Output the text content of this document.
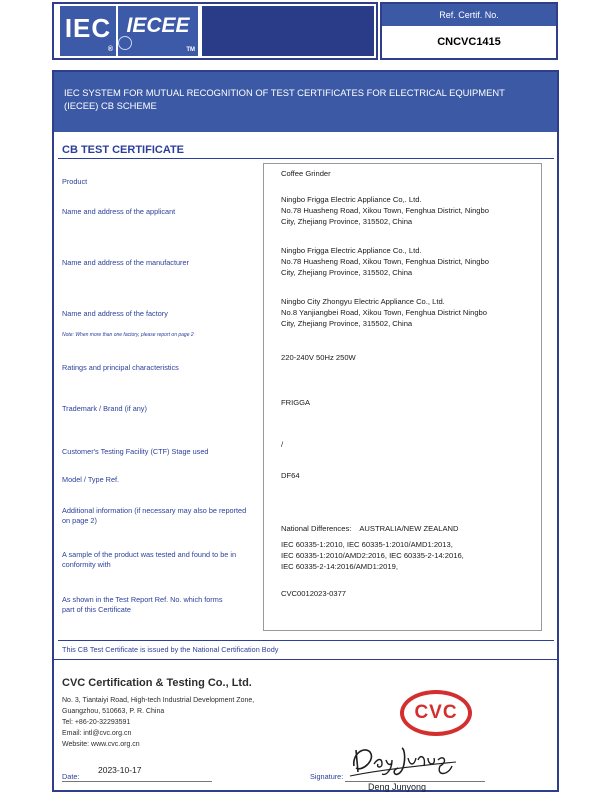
IEC
®
IECEE
TM
Ref. Certif. No.
CNCVC1415
IEC SYSTEM FOR MUTUAL RECOGNITION OF TEST CERTIFICATES FOR ELECTRICAL EQUIPMENT
(IECEE) CB SCHEME
CB TEST CERTIFICATE
Product
Name and address of the applicant
Name and address of the manufacturer
Name and address of the factory
Note: When more than one factory, please report on page 2
Ratings and principal characteristics
Trademark / Brand (if any)
Customer's Testing Facility (CTF) Stage used
Model / Type Ref.
Additional information (if necessary may also be reported on page 2)
A sample of the product was tested and found to be in conformity with
As shown in the Test Report Ref. No. which forms part of this Certificate

Coffee Grinder

Ningbo Frigga Electric Appliance Co,. Ltd.

No.78 Huasheng Road, Xikou Town, Fenghua District, Ningbo

City, Zhejiang Province, 315502, China

Ningbo Frigga Electric Appliance Co., Ltd.

No.78 Huasheng Road, Xikou Town, Fenghua District, Ningbo

City, Zhejiang Province, 315502, China

Ningbo City Zhongyu Electric Appliance Co., Ltd.

No.8 Yanjiangbei Road, Xikou Town, Fenghua District Ningbo

City, Zhejiang Province, 315502, China

220-240V 50Hz 250W

FRIGGA

/

DF64

National Differences:    AUSTRALIA/NEW ZEALAND

IEC 60335-1:2010, IEC 60335-1:2010/AMD1:2013,

IEC 60335-1:2010/AMD2:2016, IEC 60335-2-14:2016,

IEC 60335-2-14:2016/AMD1:2019,

CVC0012023-0377

This CB Test Certificate is issued by the National Certification Body
CVC Certification & Testing Co., Ltd.

No. 3, Tiantaiyi Road, High-tech Industrial Development Zone,

Guangzhou, 510663, P. R. China

Tel: +86-20-32293591

Email: intl@cvc.org.cn

Website: www.cvc.org.cn

CVC
Date:
2023-10-17
Signature:
Deng Junyong
